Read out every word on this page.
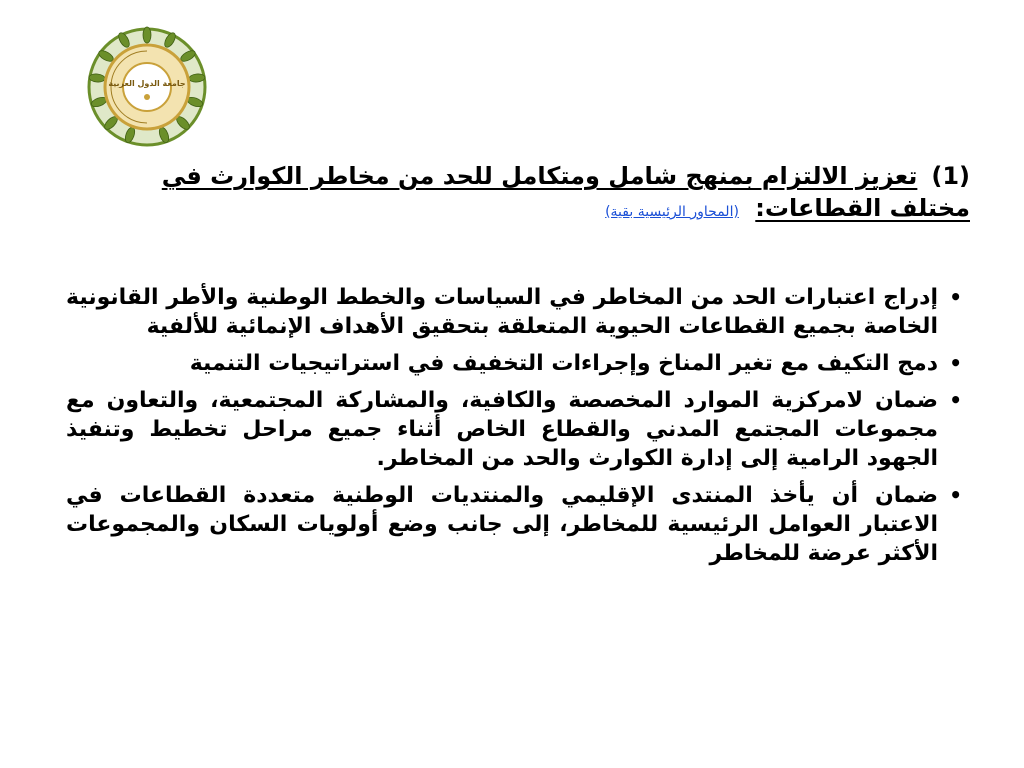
جامعة الدول العربية
(1)تعزيز الالتزام بمنهج شامل ومتكامل للحد من مخاطر الكوارث في مختلف القطاعات: (المحاور الرئيسية بقية)
•
إدراج اعتبارات الحد من المخاطر في السياسات والخطط الوطنية والأطر القانونية الخاصة بجميع القطاعات الحيوية المتعلقة بتحقيق الأهداف الإنمائية للألفية
•
دمج التكيف مع تغير المناخ وإجراءات التخفيف في استراتيجيات التنمية
•
ضمان لامركزية الموارد المخصصة والكافية، والمشاركة المجتمعية، والتعاون مع مجموعات المجتمع المدني والقطاع الخاص أثناء جميع مراحل تخطيط وتنفيذ الجهود الرامية إلى إدارة الكوارث والحد من المخاطر.
•
ضمان أن يأخذ المنتدى الإقليمي والمنتديات الوطنية متعددة القطاعات في الاعتبار العوامل الرئيسية للمخاطر، إلى جانب وضع أولويات السكان والمجموعات الأكثر عرضة للمخاطر
